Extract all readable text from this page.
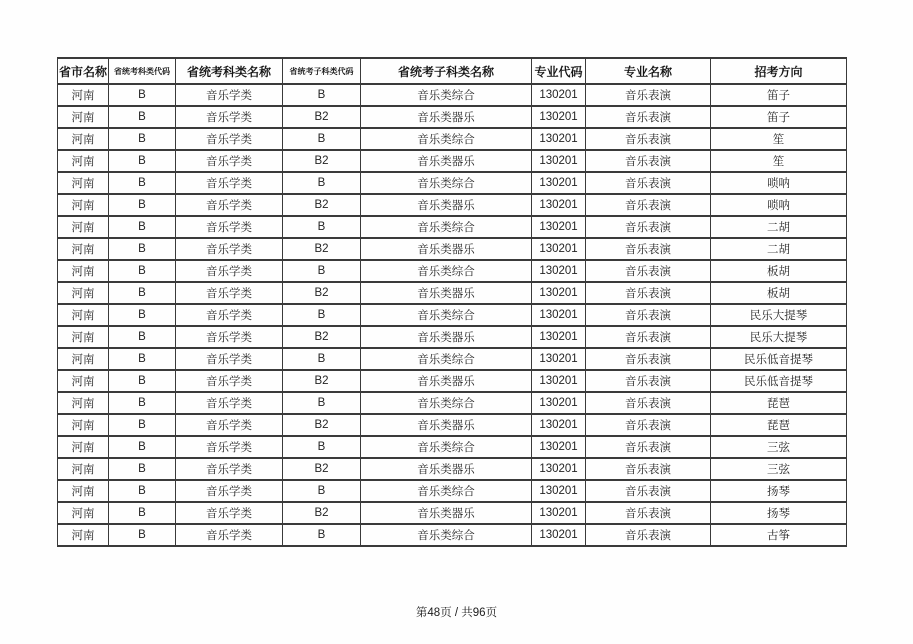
省市名称	省统考科类代码	省统考科类名称	省统考子科类代码	省统考子科类名称	专业代码	专业名称	招考方向
河南	B	音乐学类	B	音乐类综合	130201	音乐表演	笛子
河南	B	音乐学类	B2	音乐类器乐	130201	音乐表演	笛子
河南	B	音乐学类	B	音乐类综合	130201	音乐表演	笙
河南	B	音乐学类	B2	音乐类器乐	130201	音乐表演	笙
河南	B	音乐学类	B	音乐类综合	130201	音乐表演	唢呐
河南	B	音乐学类	B2	音乐类器乐	130201	音乐表演	唢呐
河南	B	音乐学类	B	音乐类综合	130201	音乐表演	二胡
河南	B	音乐学类	B2	音乐类器乐	130201	音乐表演	二胡
河南	B	音乐学类	B	音乐类综合	130201	音乐表演	板胡
河南	B	音乐学类	B2	音乐类器乐	130201	音乐表演	板胡
河南	B	音乐学类	B	音乐类综合	130201	音乐表演	民乐大提琴
河南	B	音乐学类	B2	音乐类器乐	130201	音乐表演	民乐大提琴
河南	B	音乐学类	B	音乐类综合	130201	音乐表演	民乐低音提琴
河南	B	音乐学类	B2	音乐类器乐	130201	音乐表演	民乐低音提琴
河南	B	音乐学类	B	音乐类综合	130201	音乐表演	琵琶
河南	B	音乐学类	B2	音乐类器乐	130201	音乐表演	琵琶
河南	B	音乐学类	B	音乐类综合	130201	音乐表演	三弦
河南	B	音乐学类	B2	音乐类器乐	130201	音乐表演	三弦
河南	B	音乐学类	B	音乐类综合	130201	音乐表演	扬琴
河南	B	音乐学类	B2	音乐类器乐	130201	音乐表演	扬琴
河南	B	音乐学类	B	音乐类综合	130201	音乐表演	古筝
第48页 / 共96页
